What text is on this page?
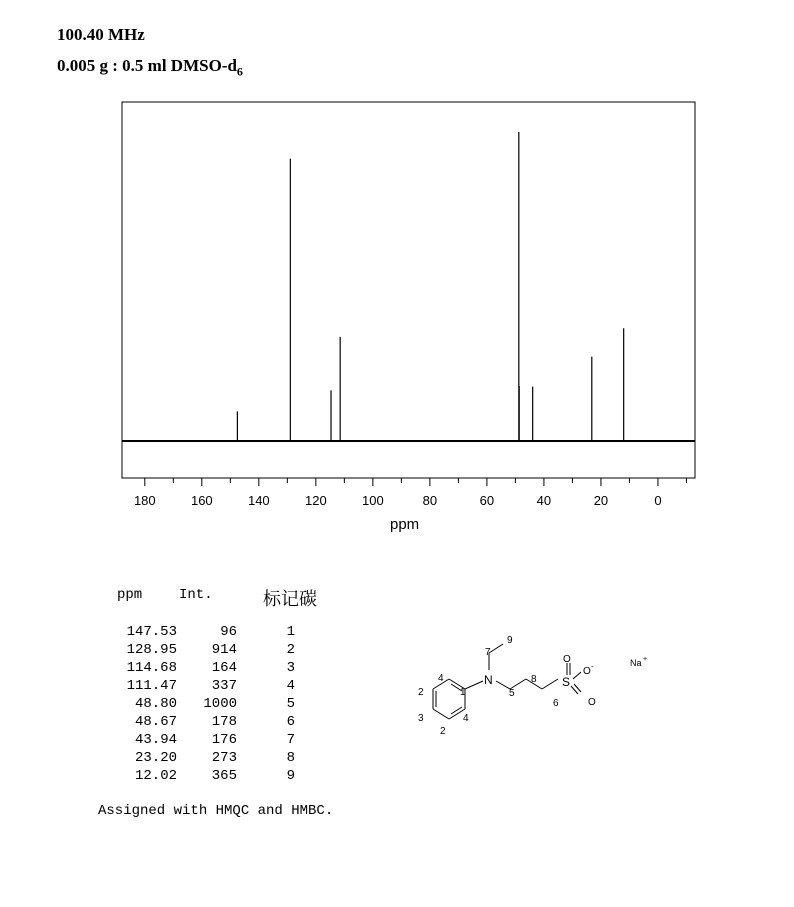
100.40 MHz
0.005 g : 0.5 ml DMSO-$d_6$
180	160	140	120	100	80	60	40	20	0
ppm
ppm	Int.	标记碳
147.53	96	1
128.95 914	2
114.68 164	3
111.47 337	4
48.80 1000	5
48.67 178	6
43.94 176	7
23.20 273	8
12.02 365	9
Assigned with HMQC and HMBC.
1
2
2
3
4
4
5
6
7
8
9
N	S
O
O
O -	Na +
